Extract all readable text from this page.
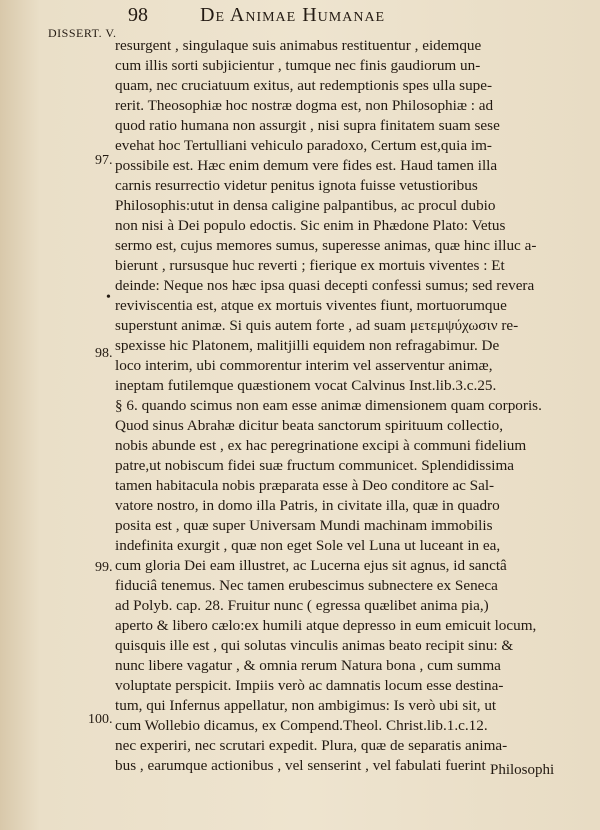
98	De Animae Humanae
DISSERT. V.
97.
•
98.
99.
100.
resurgent , singulaque suis animabus restituentur , eidemque
cum illis sorti subjicientur , tumque nec finis gaudiorum un-
quam, nec cruciatuum exitus, aut redemptionis spes ulla supe-
rerit. Theosophiæ hoc nostræ dogma est, non Philosophiæ : ad
quod ratio humana non assurgit , nisi supra finitatem suam sese
evehat hoc Tertulliani vehiculo paradoxo, Certum est,quia im-
possibile est. Hæc enim demum vere fides est. Haud tamen illa
carnis resurrectio videtur penitus ignota fuisse vetustioribus
Philosophis:utut in densa caligine palpantibus, ac procul dubio
non nisi à Dei populo edoctis. Sic enim in Phædone Plato: Vetus
sermo est, cujus memores sumus, superesse animas, quæ hinc illuc a-
bierunt , rursusque huc reverti ; fierique ex mortuis viventes : Et
deinde: Neque nos hæc ipsa quasi decepti confessi sumus; sed revera
reviviscentia est, atque ex mortuis viventes fiunt, mortuorumque
superstunt animæ. Si quis autem forte , ad suam μετεμψύχωσιν re-
spexisse hic Platonem, malitjilli equidem non refragabimur. De
loco interim, ubi commorentur interim vel asserventur animæ,
ineptam futilemque quæstionem vocat Calvinus Inst.lib.3.c.25.
§ 6. quando scimus non eam esse animæ dimensionem quam corporis.
Quod sinus Abrahæ dicitur beata sanctorum spirituum collectio,
nobis abunde est , ex hac peregrinatione excipi à communi fidelium
patre,ut nobiscum fidei suæ fructum communicet. Splendidissima
tamen habitacula nobis præparata esse à Deo conditore ac Sal-
vatore nostro, in domo illa Patris, in civitate illa, quæ in quadro
posita est , quæ super Universam Mundi machinam immobilis
indefinita exurgit , quæ non eget Sole vel Luna ut luceant in ea,
cum gloria Dei eam illustret, ac Lucerna ejus sit agnus, id sanctâ
fiduciâ tenemus. Nec tamen erubescimus subnectere ex Seneca
ad Polyb. cap. 28. Fruitur nunc ( egressa quælibet anima pia,)
aperto & libero cælo:ex humili atque depresso in eum emicuit locum,
quisquis ille est , qui solutas vinculis animas beato recipit sinu: &
nunc libere vagatur , & omnia rerum Natura bona , cum summa
voluptate perspicit. Impiis verò ac damnatis locum esse destina-
tum, qui Infernus appellatur, non ambigimus: Is verò ubi sit, ut
cum Wollebio dicamus, ex Compend.Theol. Christ.lib.1.c.12.
nec experiri, nec scrutari expedit. Plura, quæ de separatis anima-
bus , earumque actionibus , vel senserint , vel fabulati fuerint Philosophi
